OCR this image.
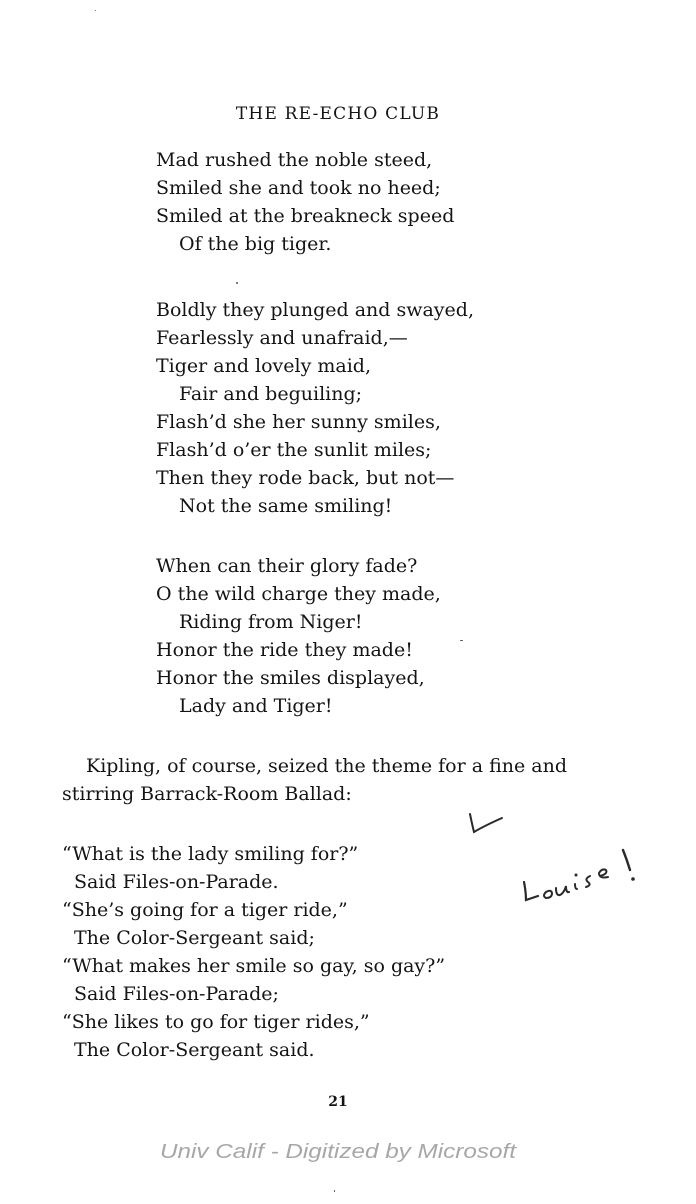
THE RE-ECHO CLUB

Mad rushed the noble steed,
Smiled she and took no heed;
Smiled at the breakneck speed
Of the big tiger.
Boldly they plunged and swayed,
Fearlessly and unafraid,—
Tiger and lovely maid,
Fair and beguiling;
Flash’d she her sunny smiles,
Flash’d o’er the sunlit miles;
Then they rode back, but not—
Not the same smiling!
When can their glory fade?
O the wild charge they made,
Riding from Niger!
Honor the ride they made!
Honor the smiles displayed,
Lady and Tiger!

Kipling, of course, seized the theme for a fine and
stirring Barrack-Room Ballad:

“What is the lady smiling for?”
Said Files-on-Parade.
“She’s going for a tiger ride,”
The Color-Sergeant said;
“What makes her smile so gay, so gay?”
Said Files-on-Parade;
“She likes to go for tiger rides,”
The Color-Sergeant said.

21

Univ Calif - Digitized by Microsoft
